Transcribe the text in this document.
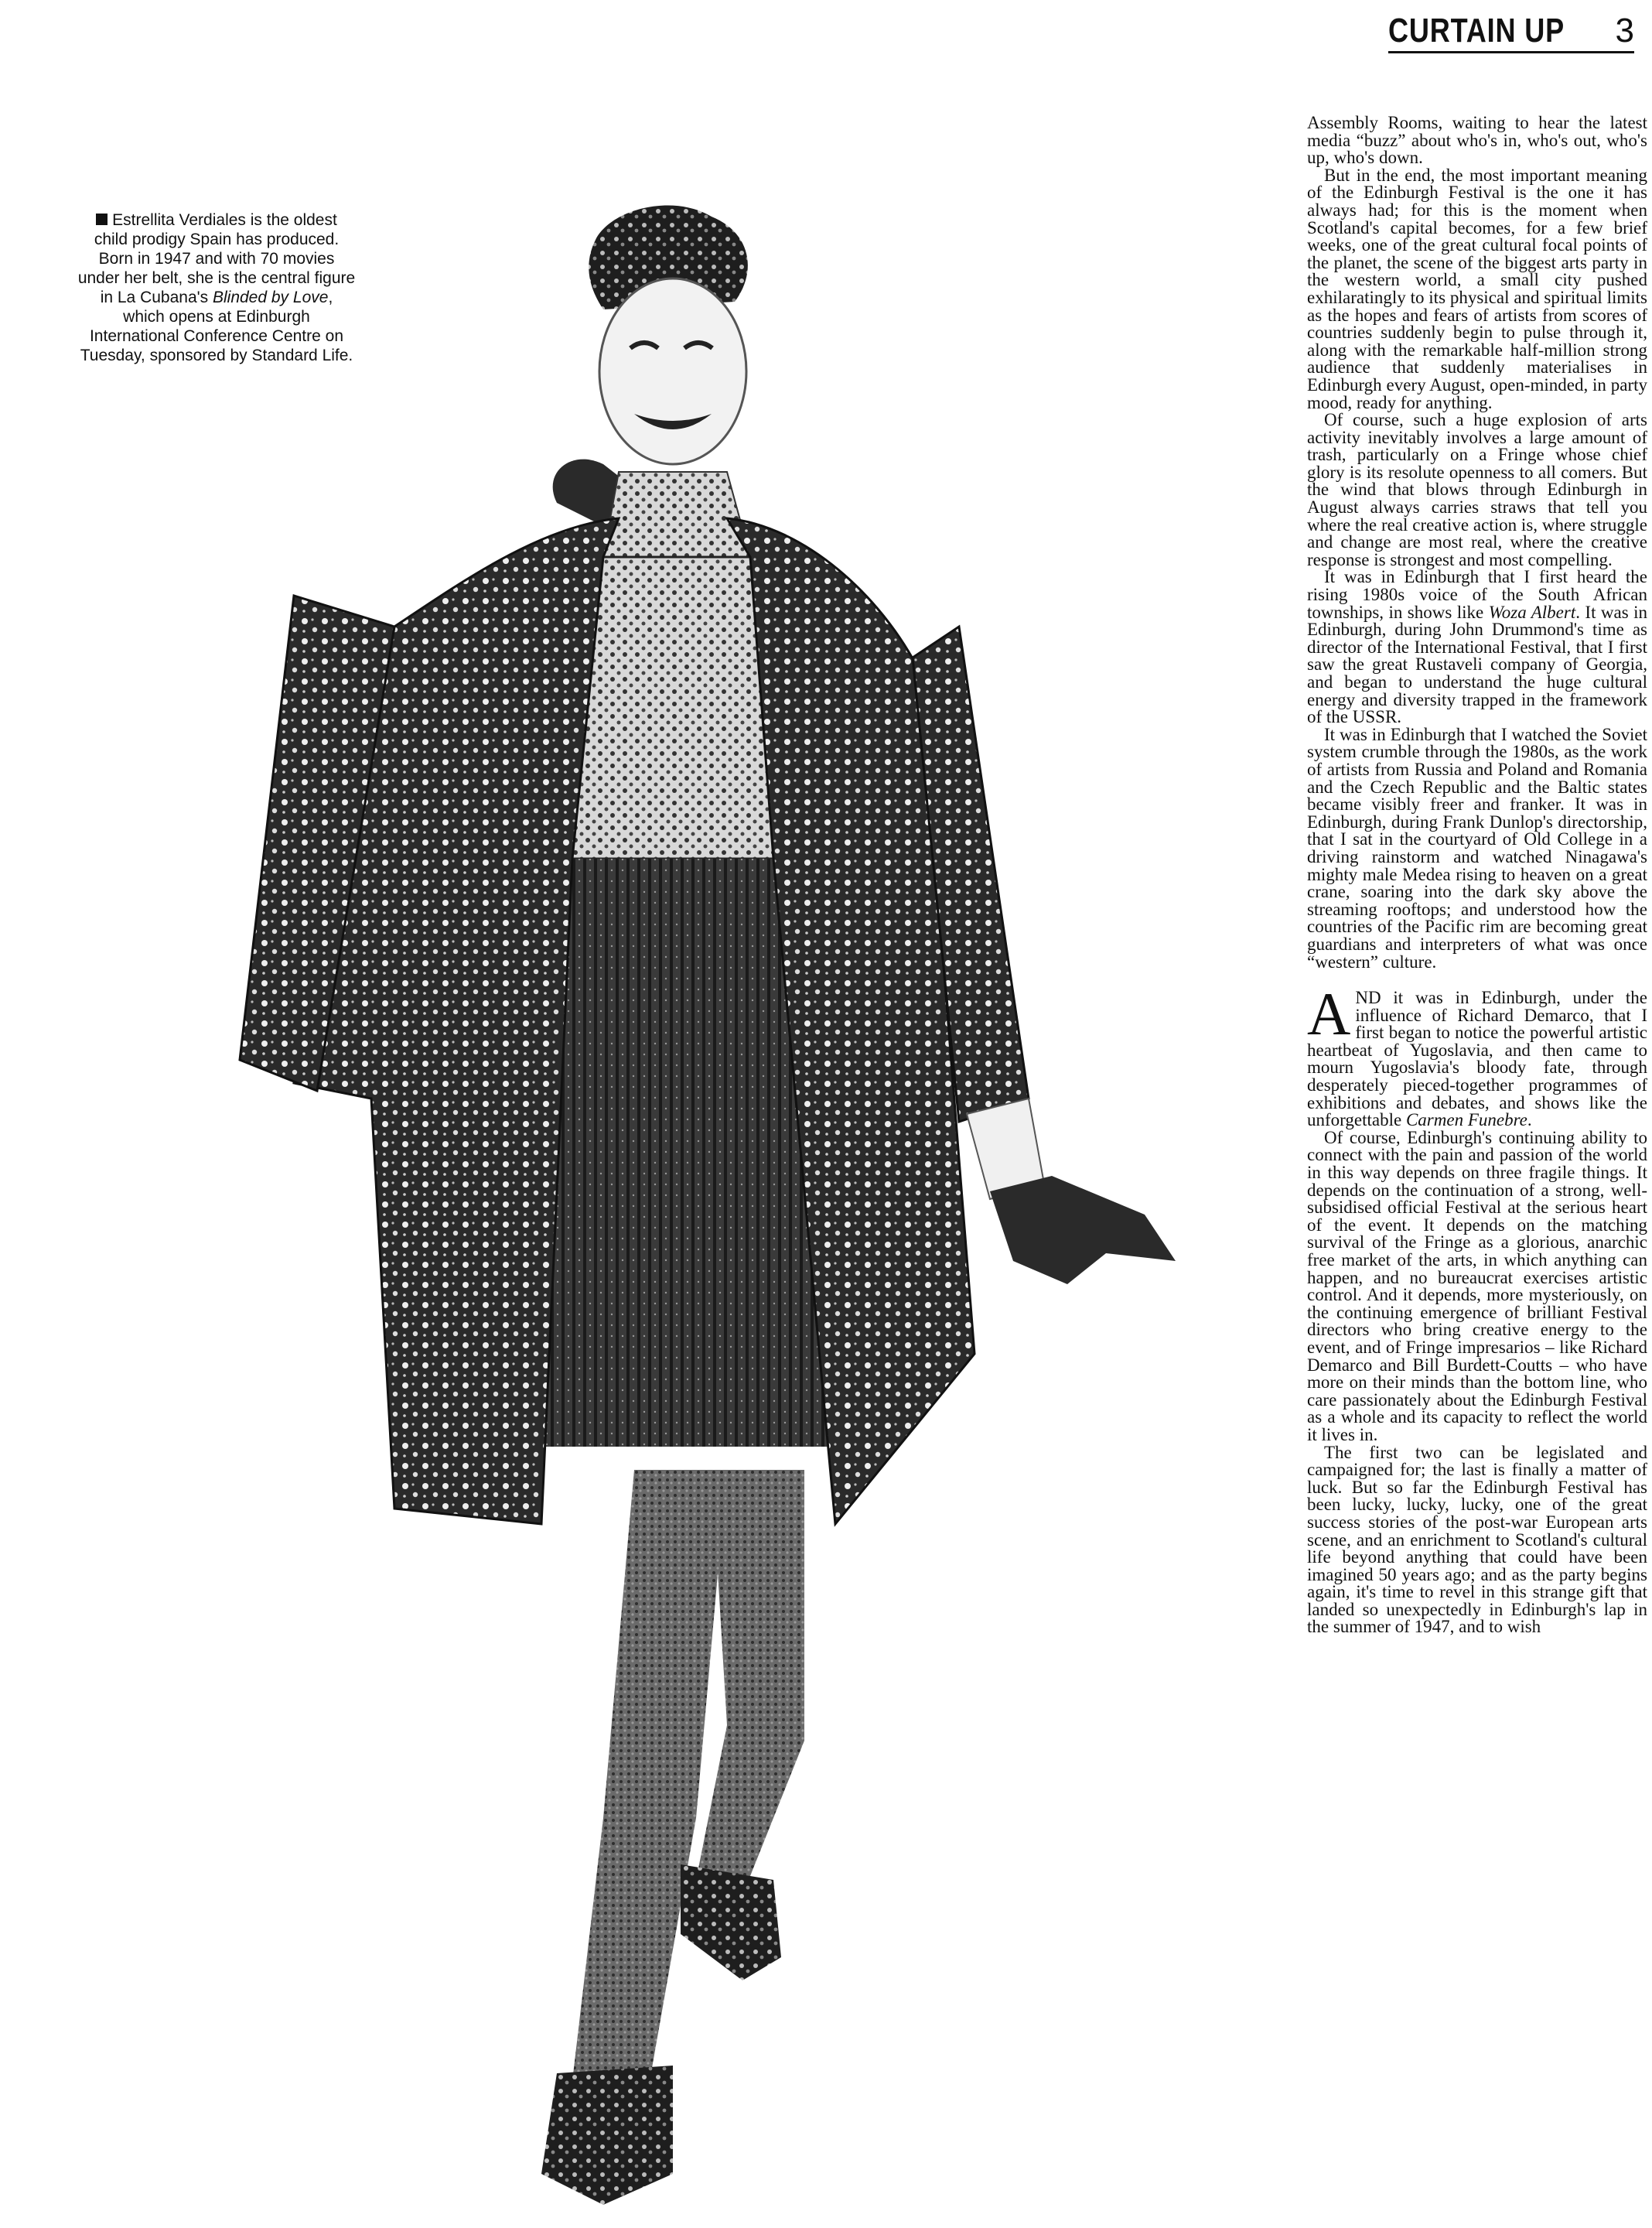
CURTAIN UP 3
Estrellita Verdiales is the oldest child prodigy Spain has produced. Born in 1947 and with 70 movies under her belt, she is the central figure in La Cubana's Blinded by Love, which opens at Edinburgh International Conference Centre on Tuesday, sponsored by Standard Life.

Assembly Rooms, waiting to hear the latest media “buzz” about who's in, who's out, who's up, who's down.

But in the end, the most important meaning of the Edinburgh Festival is the one it has always had; for this is the moment when Scotland's capital becomes, for a few brief weeks, one of the great cultural focal points of the planet, the scene of the biggest arts party in the western world, a small city pushed exhilaratingly to its physical and spiritual limits as the hopes and fears of artists from scores of countries suddenly begin to pulse through it, along with the remarkable half-million strong audience that suddenly materialises in Edinburgh every August, open-minded, in party mood, ready for anything.

Of course, such a huge explosion of arts activity inevitably involves a large amount of trash, particularly on a Fringe whose chief glory is its resolute openness to all comers. But the wind that blows through Edinburgh in August always carries straws that tell you where the real creative action is, where struggle and change are most real, where the creative response is strongest and most compelling.

It was in Edinburgh that I first heard the rising 1980s voice of the South African townships, in shows like Woza Albert. It was in Edinburgh, during John Drummond's time as director of the International Festival, that I first saw the great Rustaveli company of Georgia, and began to understand the huge cultural energy and diversity trapped in the framework of the USSR.

It was in Edinburgh that I watched the Soviet system crumble through the 1980s, as the work of artists from Russia and Poland and Romania and the Czech Republic and the Baltic states became visibly freer and franker. It was in Edinburgh, during Frank Dunlop's directorship, that I sat in the courtyard of Old College in a driving rainstorm and watched Ninagawa's mighty male Medea rising to heaven on a great crane, soaring into the dark sky above the streaming rooftops; and understood how the countries of the Pacific rim are becoming great guardians and interpreters of what was once “western” culture.

AND it was in Edinburgh, under the influence of Richard Demarco, that I first began to notice the powerful artistic heartbeat of Yugoslavia, and then came to mourn Yugoslavia's bloody fate, through desperately pieced-together programmes of exhibitions and debates, and shows like the unforgettable Carmen Funebre.

Of course, Edinburgh's continuing ability to connect with the pain and passion of the world in this way depends on three fragile things. It depends on the continuation of a strong, well-subsidised official Festival at the serious heart of the event. It depends on the matching survival of the Fringe as a glorious, anarchic free market of the arts, in which anything can happen, and no bureaucrat exercises artistic control. And it depends, more mysteriously, on the continuing emergence of brilliant Festival directors who bring creative energy to the event, and of Fringe impresarios – like Richard Demarco and Bill Burdett-Coutts – who have more on their minds than the bottom line, who care passionately about the Edinburgh Festival as a whole and its capacity to reflect the world it lives in.

The first two can be legislated and campaigned for; the last is finally a matter of luck. But so far the Edinburgh Festival has been lucky, lucky, lucky, one of the great success stories of the post-war European arts scene, and an enrichment to Scotland's cultural life beyond anything that could have been imagined 50 years ago; and as the party begins again, it's time to revel in this strange gift that landed so unexpectedly in Edinburgh's lap in the summer of 1947, and to wish
